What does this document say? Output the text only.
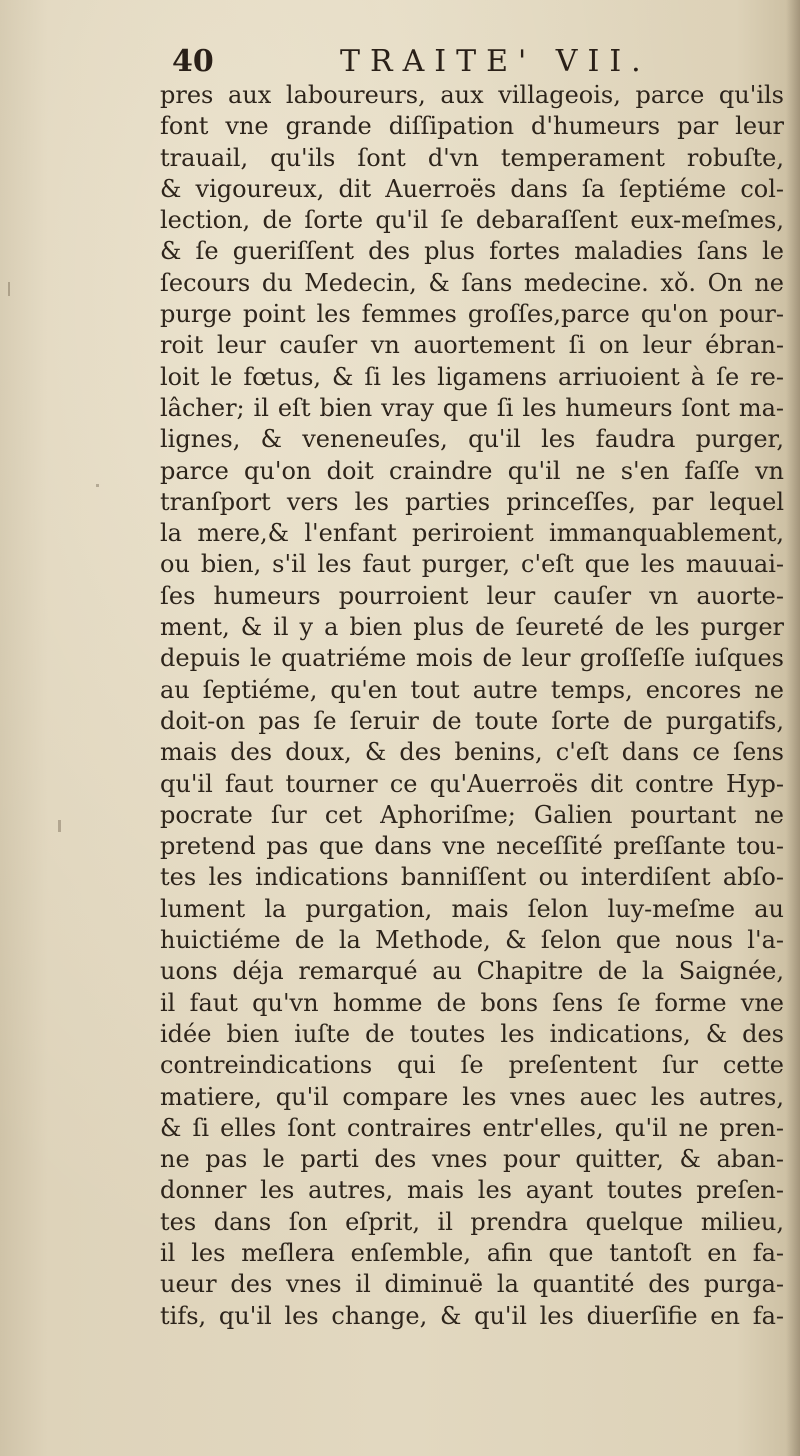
40	TRAITE' VII.
pres aux laboureurs, aux villageois, parce qu'ils
font vne grande diſſipation d'humeurs par leur
trauail, qu'ils ſont d'vn temperament robuſte,
& vigoureux, dit Auerroës dans ſa ſeptiéme col-
lection, de ſorte qu'il ſe debaraſſent eux-meſmes,
& ſe gueriſſent des plus fortes maladies ſans le
ſecours du Medecin, & ſans medecine. xǒ. On ne
purge point les femmes groſſes,parce qu'on pour-
roit leur cauſer vn auortement ſi on leur ébran-
loit le fœtus, & ſi les ligamens arriuoient à ſe re-
lâcher; il eſt bien vray que ſi les humeurs ſont ma-
lignes, & veneneuſes, qu'il les faudra purger,
parce qu'on doit craindre qu'il ne s'en faſſe vn
tranſport vers les parties princeſſes, par lequel
la mere,& l'enfant periroient immanquablement,
ou bien, s'il les faut purger, c'eſt que les mauuai-
ſes humeurs pourroient leur cauſer vn auorte-
ment, & il y a bien plus de ſeureté de les purger
depuis le quatriéme mois de leur groſſeſſe iuſques
au ſeptiéme, qu'en tout autre temps, encores ne
doit-on pas ſe ſeruir de toute ſorte de purgatifs,
mais des doux, & des benins, c'eſt dans ce ſens
qu'il faut tourner ce qu'Auerroës dit contre Hyp-
pocrate ſur cet Aphoriſme; Galien pourtant ne
pretend pas que dans vne neceſſité preſſante tou-
tes les indications banniſſent ou interdiſent abſo-
lument la purgation, mais ſelon luy-meſme au
huictiéme de la Methode, & ſelon que nous l'a-
uons déja remarqué au Chapitre de la Saignée,
il faut qu'vn homme de bons ſens ſe forme vne
idée bien iuſte de toutes les indications, & des
contreindications qui ſe preſentent ſur cette
matiere, qu'il compare les vnes auec les autres,
& ſi elles ſont contraires entr'elles, qu'il ne pren-
ne pas le parti des vnes pour quitter, & aban-
donner les autres, mais les ayant toutes preſen-
tes dans ſon eſprit, il prendra quelque milieu,
il les meſlera enſemble, afin que tantoſt en fa-
ueur des vnes il diminuë la quantité des purga-
tifs, qu'il les change, & qu'il les diuerſifie en fa-
